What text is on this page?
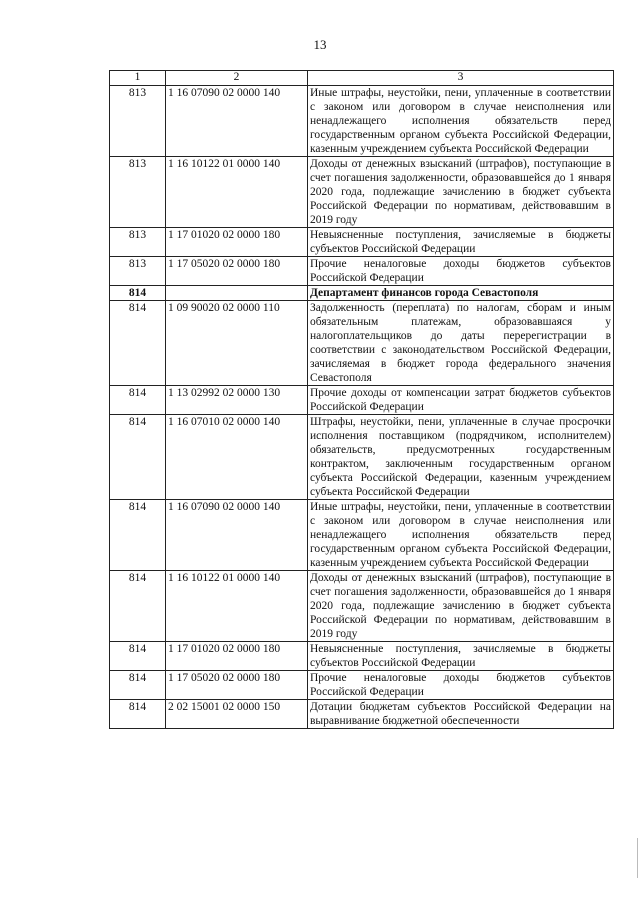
13
1	2	3
813	1 16 07090 02 0000 140	Иные штрафы, неустойки, пени, уплаченные в соответствии с законом или договором в случае неисполнения или ненадлежащего исполнения обязательств перед государственным органом субъекта Российской Федерации, казенным учреждением субъекта Российской Федерации
813	1 16 10122 01 0000 140	Доходы от денежных взысканий (штрафов), поступающие в счет погашения задолженности, образовавшейся до 1 января 2020 года, подлежащие зачислению в бюджет субъекта Российской Федерации по нормативам, действовавшим в 2019 году
813	1 17 01020 02 0000 180	Невыясненные поступления, зачисляемые в бюджеты субъектов Российской Федерации
813	1 17 05020 02 0000 180	Прочие неналоговые доходы бюджетов субъектов Российской Федерации
814		Департамент финансов города Севастополя
814	1 09 90020 02 0000 110	Задолженность (переплата) по налогам, сборам и иным обязательным платежам, образовавшаяся у налогоплательщиков до даты перерегистрации в соответствии с законодательством Российской Федерации, зачисляемая в бюджет города федерального значения Севастополя
814	1 13 02992 02 0000 130	Прочие доходы от компенсации затрат бюджетов субъектов Российской Федерации
814	1 16 07010 02 0000 140	Штрафы, неустойки, пени, уплаченные в случае просрочки исполнения поставщиком (подрядчиком, исполнителем) обязательств, предусмотренных государственным контрактом, заключенным государственным органом субъекта Российской Федерации, казенным учреждением субъекта Российской Федерации
814	1 16 07090 02 0000 140	Иные штрафы, неустойки, пени, уплаченные в соответствии с законом или договором в случае неисполнения или ненадлежащего исполнения обязательств перед государственным органом субъекта Российской Федерации, казенным учреждением субъекта Российской Федерации
814	1 16 10122 01 0000 140	Доходы от денежных взысканий (штрафов), поступающие в счет погашения задолженности, образовавшейся до 1 января 2020 года, подлежащие зачислению в бюджет субъекта Российской Федерации по нормативам, действовавшим в 2019 году
814	1 17 01020 02 0000 180	Невыясненные поступления, зачисляемые в бюджеты субъектов Российской Федерации
814	1 17 05020 02 0000 180	Прочие неналоговые доходы бюджетов субъектов Российской Федерации
814	2 02 15001 02 0000 150	Дотации бюджетам субъектов Российской Федерации на выравнивание бюджетной обеспеченности
